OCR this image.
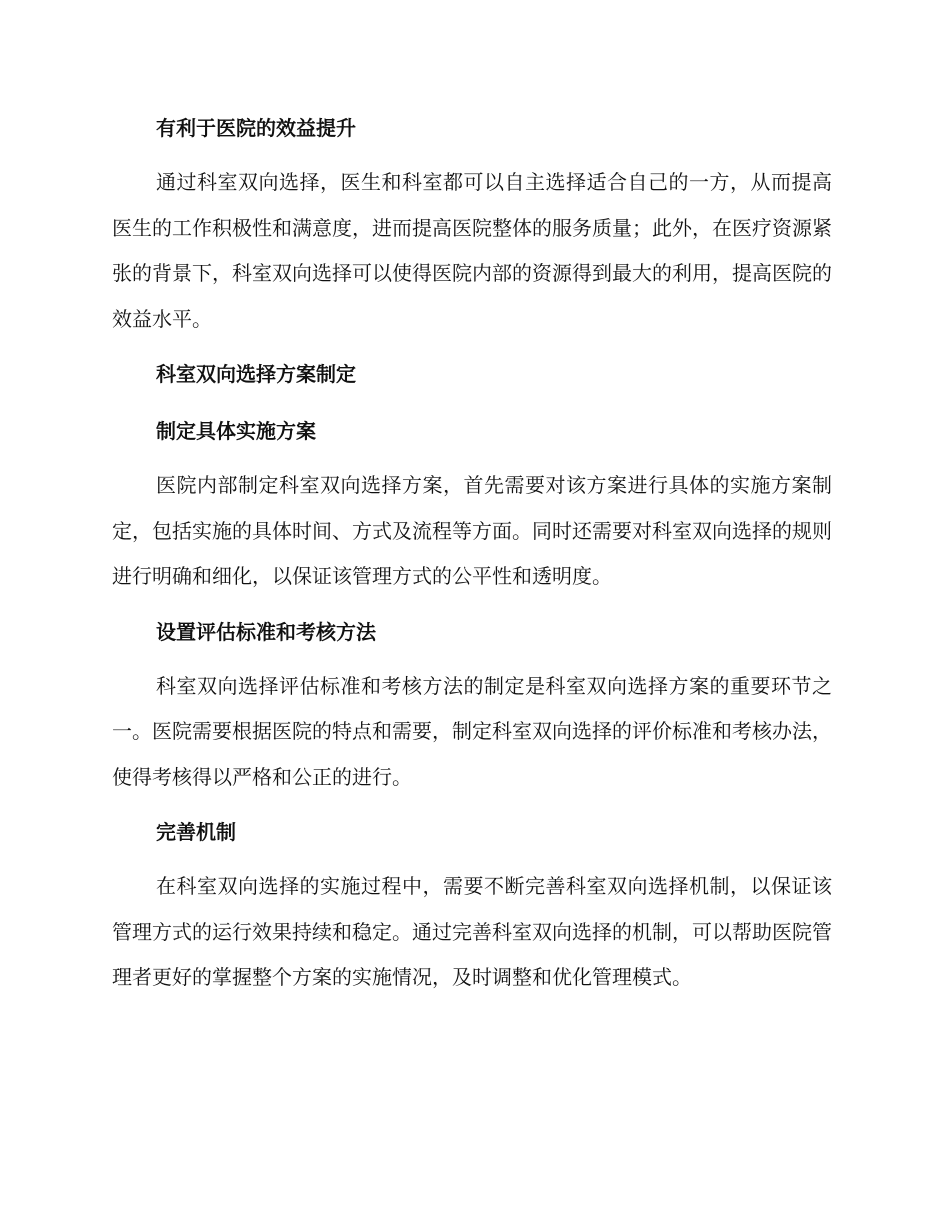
有利于医院的效益提升

通过科室双向选择，医生和科室都可以自主选择适合自己的一方，从而提高医生的工作积极性和满意度，进而提高医院整体的服务质量；此外，在医疗资源紧张的背景下，科室双向选择可以使得医院内部的资源得到最大的利用，提高医院的效益水平。

科室双向选择方案制定

制定具体实施方案

医院内部制定科室双向选择方案，首先需要对该方案进行具体的实施方案制定，包括实施的具体时间、方式及流程等方面。同时还需要对科室双向选择的规则进行明确和细化，以保证该管理方式的公平性和透明度。

设置评估标准和考核方法

科室双向选择评估标准和考核方法的制定是科室双向选择方案的重要环节之一。医院需要根据医院的特点和需要，制定科室双向选择的评价标准和考核办法，使得考核得以严格和公正的进行。

完善机制

在科室双向选择的实施过程中，需要不断完善科室双向选择机制，以保证该管理方式的运行效果持续和稳定。通过完善科室双向选择的机制，可以帮助医院管理者更好的掌握整个方案的实施情况，及时调整和优化管理模式。
